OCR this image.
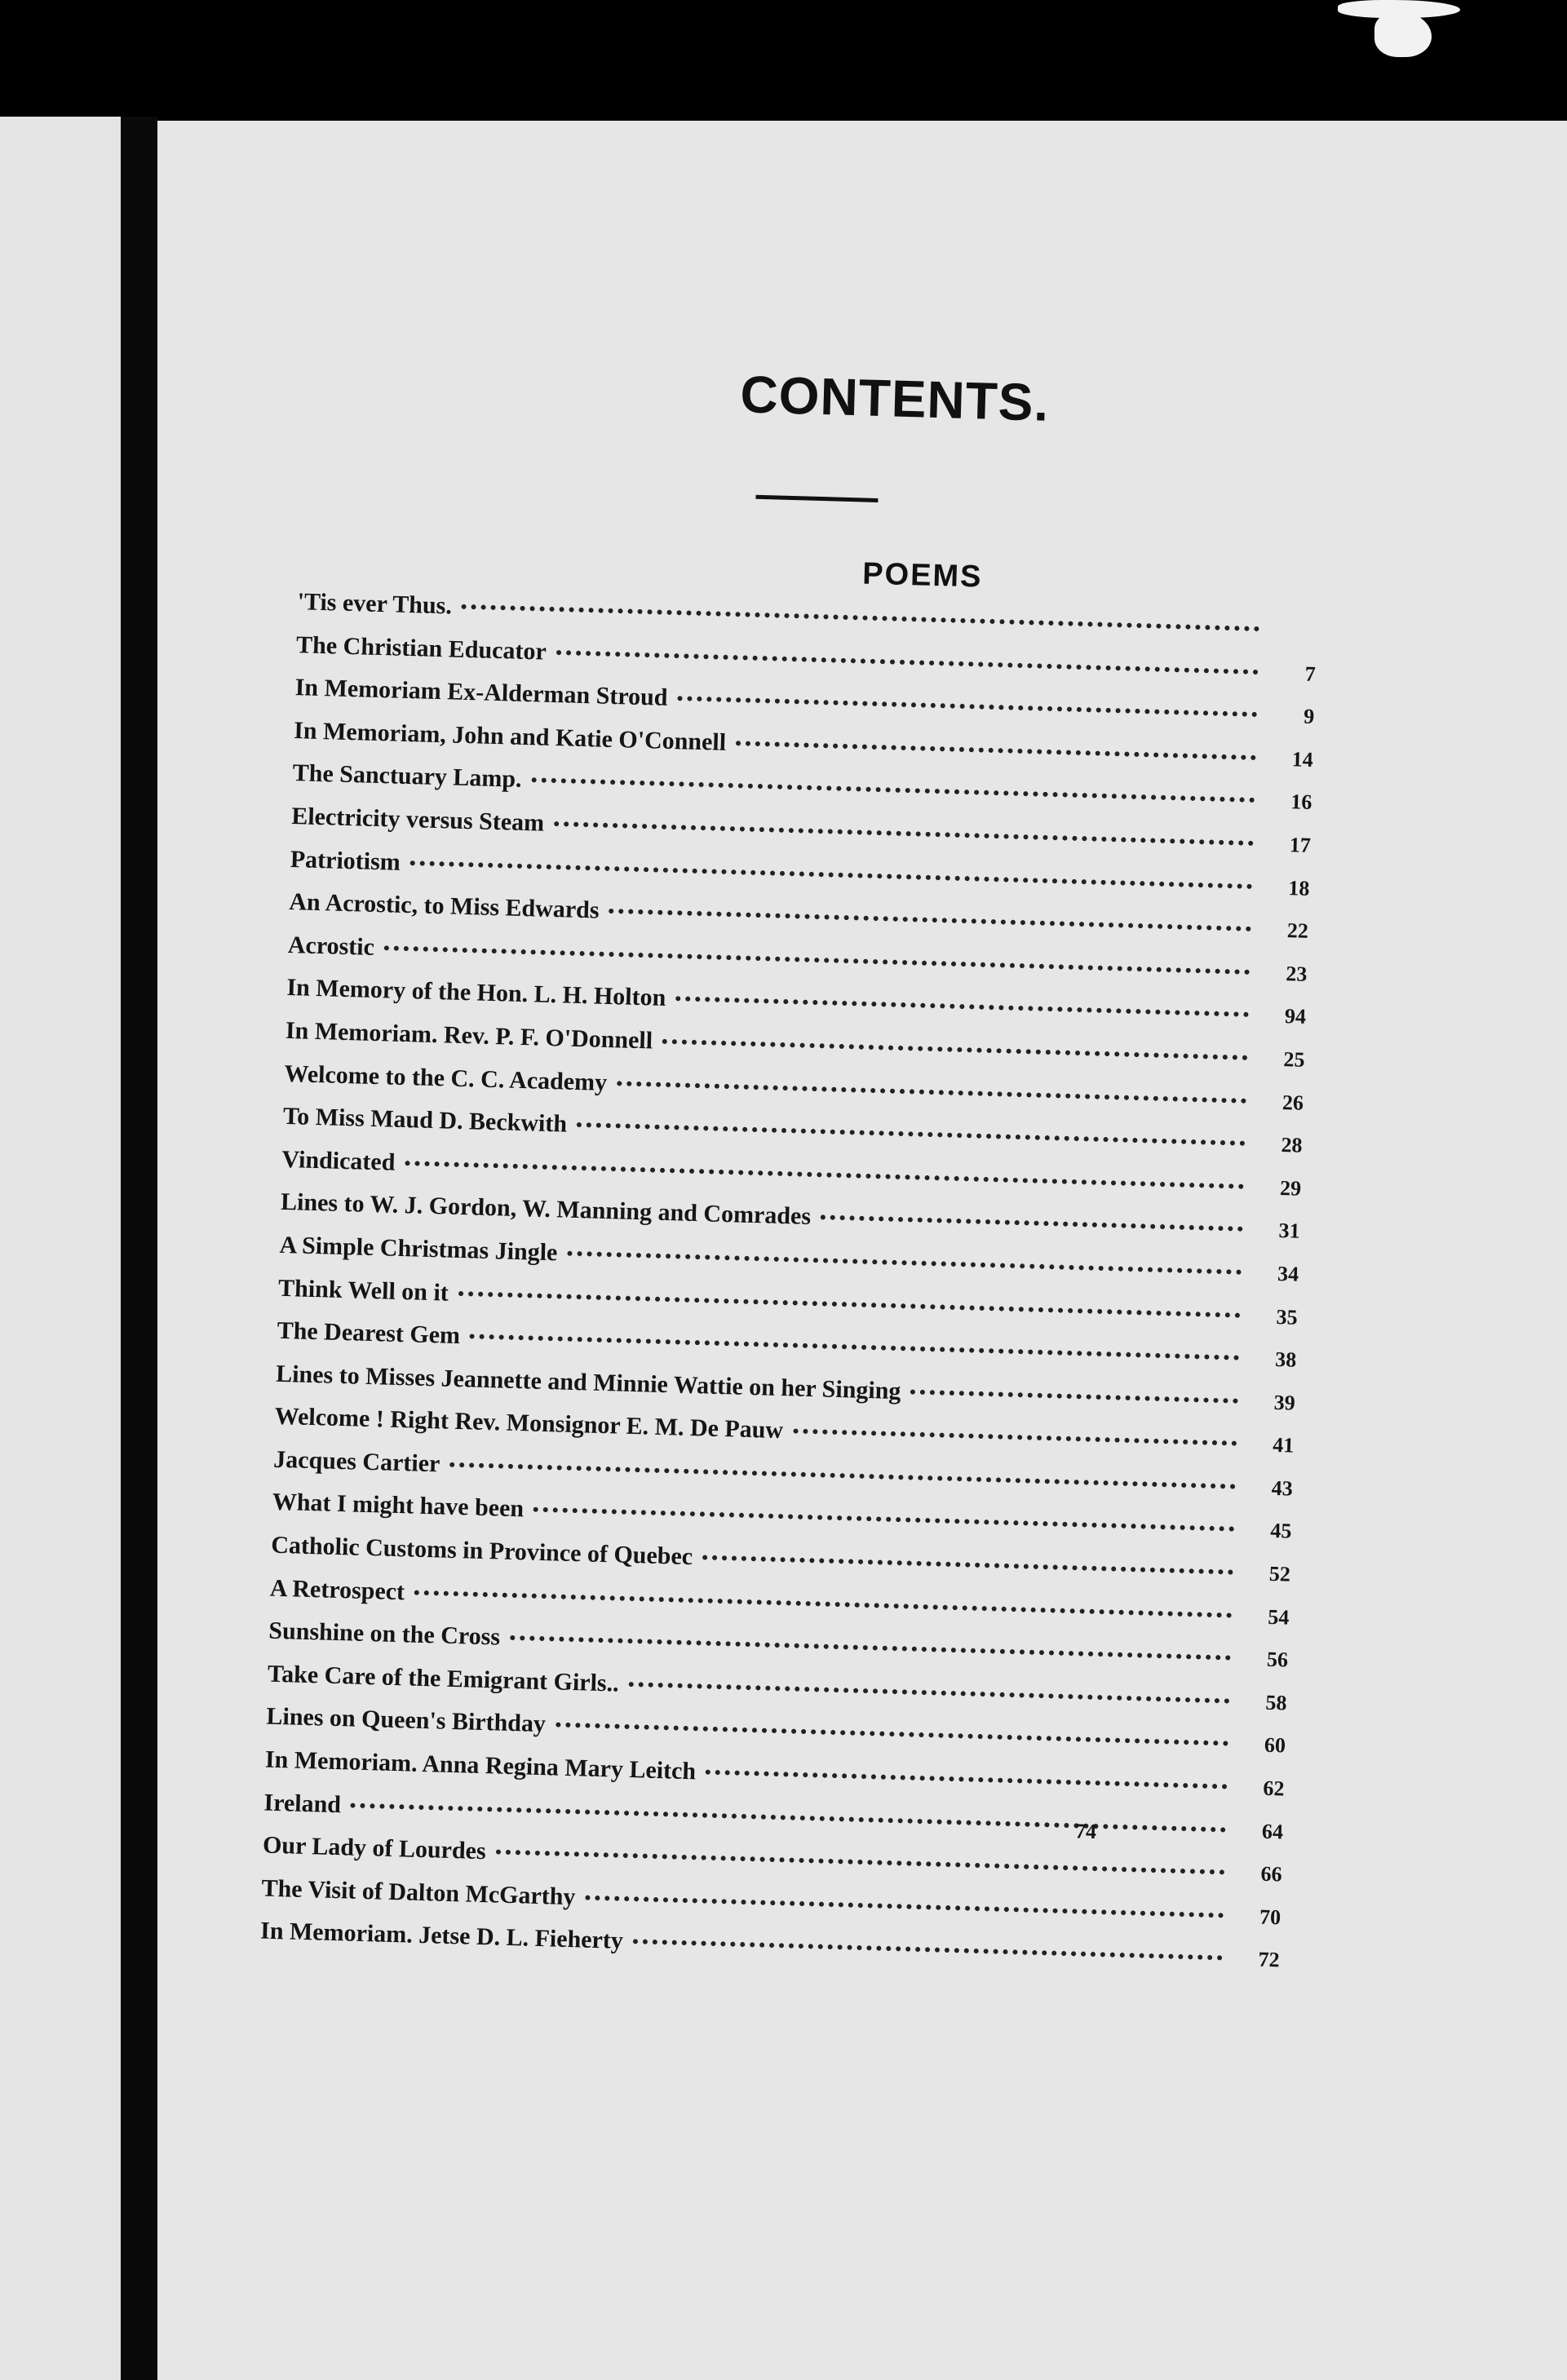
CONTENTS.
POEMS
'Tis ever Thus.
The Christian Educator
7
In Memoriam Ex-Alderman Stroud
9
In Memoriam, John and Katie O'Connell
14
The Sanctuary Lamp.
16
Electricity versus Steam
17
Patriotism
18
An Acrostic, to Miss Edwards
22
Acrostic
23
In Memory of the Hon. L. H. Holton
94
In Memoriam. Rev. P. F. O'Donnell
25
Welcome to the C. C. Academy
26
To Miss Maud D. Beckwith
28
Vindicated
29
Lines to W. J. Gordon, W. Manning and Comrades
31
A Simple Christmas Jingle
34
Think Well on it
35
The Dearest Gem
38
Lines to Misses Jeannette and Minnie Wattie on her Singing	39
Welcome ! Right Rev. Monsignor E. M. De Pauw
41
Jacques Cartier
43
What I might have been
45
Catholic Customs in Province of Quebec
52
A Retrospect
54
Sunshine on the Cross
56
Take Care of the Emigrant Girls..
58
Lines on Queen's Birthday
60
In Memoriam. Anna Regina Mary Leitch
62
Ireland
64
Our Lady of Lourdes
66
The Visit of Dalton McGarthy
70
In Memoriam. Jetse D. L. Fieherty
72
74
